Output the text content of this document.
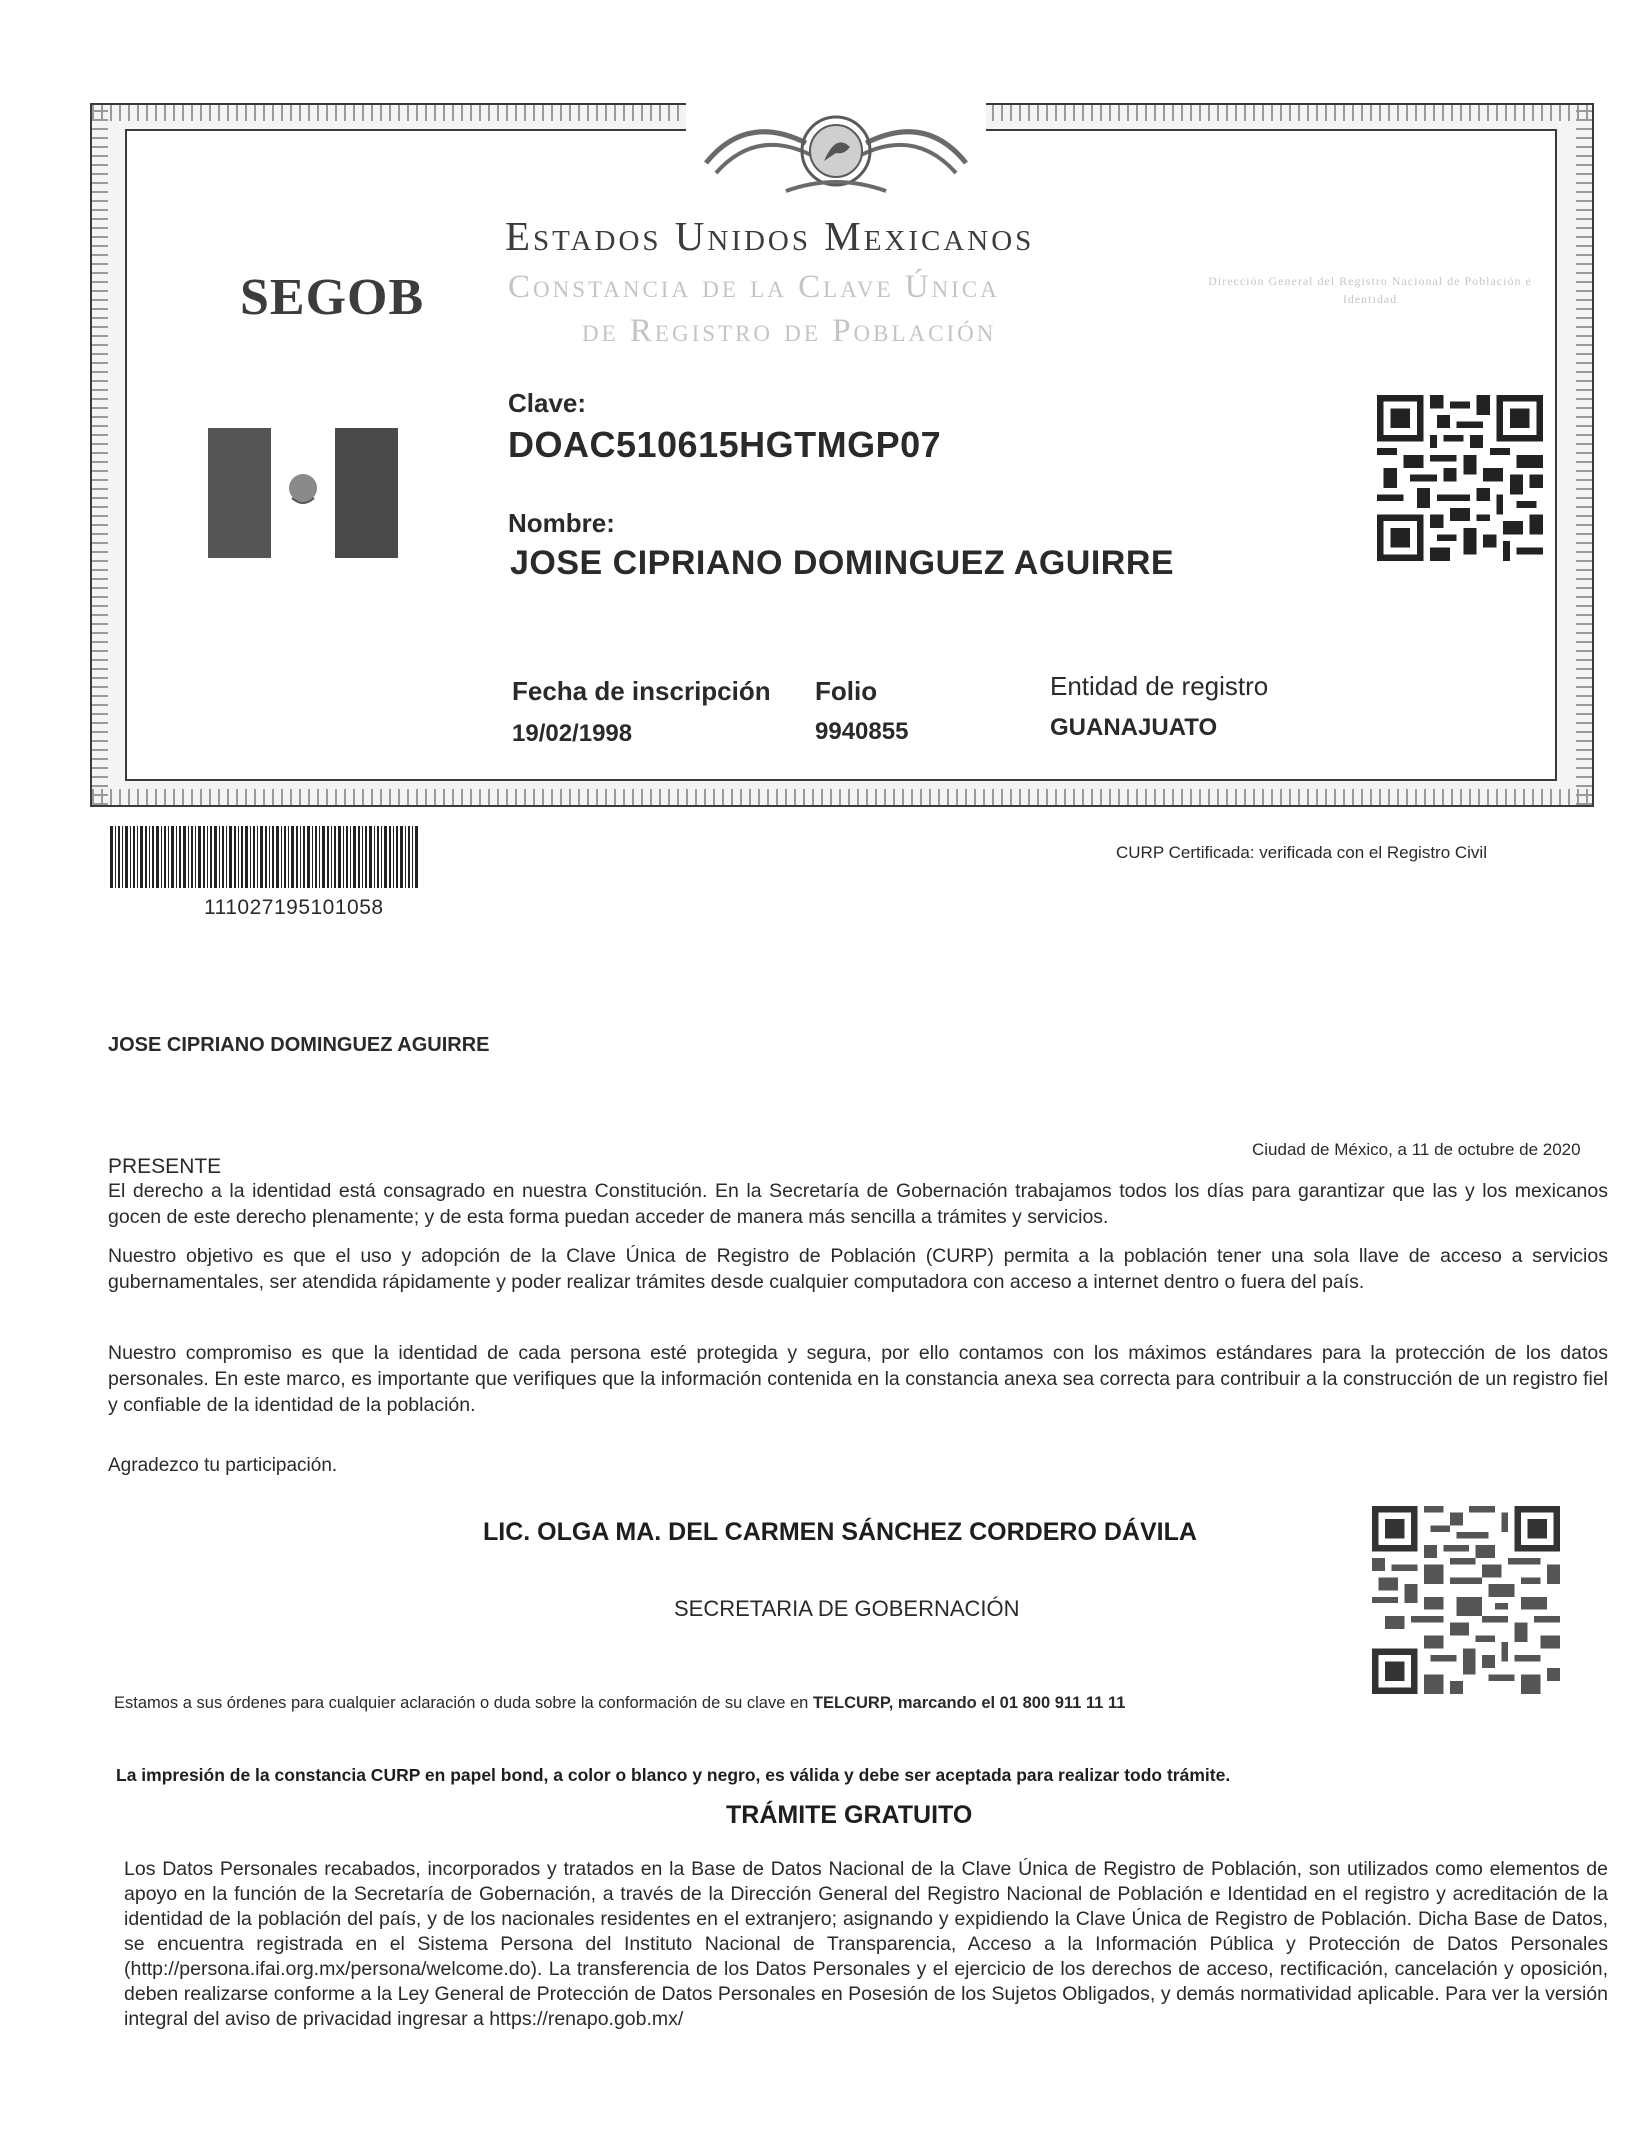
Estados Unidos Mexicanos
Constancia de la Clave Única
de Registro de Población
SEGOB	Dirección General del Registro Nacional de Población e Identidad
Clave:
DOAC510615HGTMGP07
Nombre:
JOSE CIPRIANO DOMINGUEZ AGUIRRE
Fecha de inscripción
19/02/1998
Folio
9940855
Entidad de registro
GUANAJUATO
111027195101058
CURP Certificada: verificada con el Registro Civil
JOSE CIPRIANO DOMINGUEZ AGUIRRE
Ciudad de México, a 11 de octubre de 2020
PRESENTE
El derecho a la identidad está consagrado en nuestra Constitución. En la Secretaría de Gobernación trabajamos todos los días para garantizar que las y los mexicanos gocen de este derecho plenamente; y de esta forma puedan acceder de manera más sencilla a trámites y servicios.
Nuestro objetivo es que el uso y adopción de la Clave Única de Registro de Población (CURP) permita a la población tener una sola llave de acceso a servicios gubernamentales, ser atendida rápidamente y poder realizar trámites desde cualquier computadora con acceso a internet dentro o fuera del país.
Nuestro compromiso es que la identidad de cada persona esté protegida y segura, por ello contamos con los máximos estándares para la protección de los datos personales. En este marco, es importante que verifiques que la información contenida en la constancia anexa sea correcta para contribuir a la construcción de un registro fiel y confiable de la identidad de la población.
Agradezco tu participación.
LIC. OLGA MA. DEL CARMEN SÁNCHEZ CORDERO DÁVILA
SECRETARIA DE GOBERNACIÓN
Estamos a sus órdenes para cualquier aclaración o duda sobre la conformación de su clave en TELCURP, marcando el 01 800 911 11 11
La impresión de la constancia CURP en papel bond, a color o blanco y negro, es válida y debe ser aceptada para realizar todo trámite.
TRÁMITE GRATUITO
Los Datos Personales recabados, incorporados y tratados en la Base de Datos Nacional de la Clave Única de Registro de Población, son utilizados como elementos de apoyo en la función de la Secretaría de Gobernación, a través de la Dirección General del Registro Nacional de Población e Identidad en el registro y acreditación de la identidad de la población del país, y de los nacionales residentes en el extranjero; asignando y expidiendo la Clave Única de Registro de Población. Dicha Base de Datos, se encuentra registrada en el Sistema Persona del Instituto Nacional de Transparencia, Acceso a la Información Pública y Protección de Datos Personales (http://persona.ifai.org.mx/persona/welcome.do). La transferencia de los Datos Personales y el ejercicio de los derechos de acceso, rectificación, cancelación y oposición, deben realizarse conforme a la Ley General de Protección de Datos Personales en Posesión de los Sujetos Obligados, y demás normatividad aplicable. Para ver la versión integral del aviso de privacidad ingresar a https://renapo.gob.mx/
